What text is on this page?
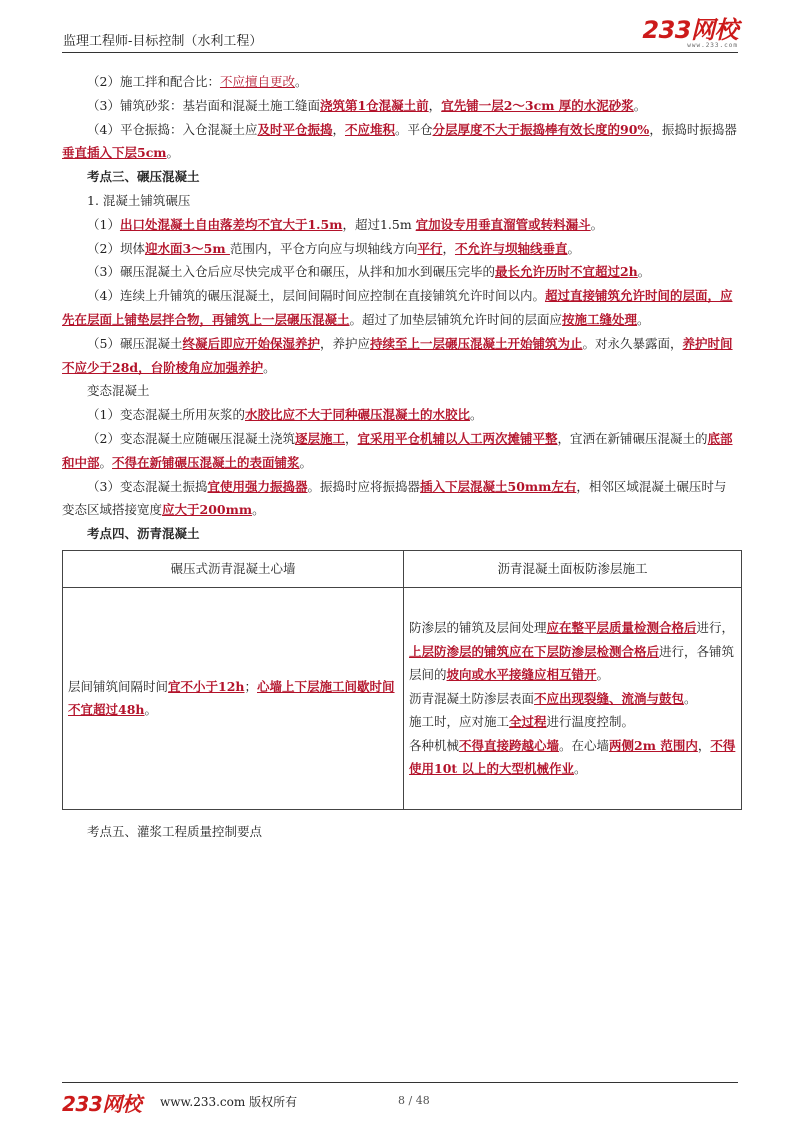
监理工程师-目标控制（水利工程）	233网校
www.233.com

（2）施工拌和配合比：不应擅自更改。

（3）铺筑砂浆：基岩面和混凝土施工缝面浇筑第1仓混凝土前，宜先铺一层2～3cm 厚的水泥砂浆。

（4）平仓振捣：入仓混凝土应及时平仓振捣，不应堆积。平仓分层厚度不大于振捣棒有效长度的90%，振捣时振捣器垂直插入下层5cm。

考点三、碾压混凝土

1. 混凝土铺筑碾压

（1）出口处混凝土自由落差均不宜大于1.5m，超过1.5m 宜加设专用垂直溜管或转料漏斗。

（2）坝体迎水面3～5m 范围内，平仓方向应与坝轴线方向平行，不允许与坝轴线垂直。

（3）碾压混凝土入仓后应尽快完成平仓和碾压，从拌和加水到碾压完毕的最长允许历时不宜超过2h。

（4）连续上升铺筑的碾压混凝土，层间间隔时间应控制在直接铺筑允许时间以内。超过直接铺筑允许时间的层面，应先在层面上铺垫层拌合物，再铺筑上一层碾压混凝土。超过了加垫层铺筑允许时间的层面应按施工缝处理。

（5）碾压混凝土终凝后即应开始保湿养护，养护应持续至上一层碾压混凝土开始铺筑为止。对永久暴露面，养护时间不应少于28d，台阶棱角应加强养护。

变态混凝土

（1）变态混凝土所用灰浆的水胶比应不大于同种碾压混凝土的水胶比。

（2）变态混凝土应随碾压混凝土浇筑逐层施工，宜采用平仓机辅以人工两次摊铺平整，宜洒在新铺碾压混凝土的底部和中部。不得在新铺碾压混凝土的表面铺浆。

（3）变态混凝土振捣宜使用强力振捣器。振捣时应将振捣器插入下层混凝土50mm左右，相邻区域混凝土碾压时与变态区域搭接宽度应大于200mm。

考点四、沥青混凝土

碾压式沥青混凝土心墙	沥青混凝土面板防渗层施工
层间铺筑间隔时间宜不小于12h；心墙上下层施工间歇时间不宜超过48h。	防渗层的铺筑及层间处理应在整平层质量检测合格后进行，上层防渗层的铺筑应在下层防渗层检测合格后进行，各铺筑层间的坡向或水平接缝应相互错开。
沥青混凝土防渗层表面不应出现裂缝、流淌与鼓包。
施工时，应对施工全过程进行温度控制。
各种机械不得直接跨越心墙。在心墙两侧2m 范围内，不得使用10t 以上的大型机械作业。

考点五、灌浆工程质量控制要点

233网校 www.233.com 版权所有	8 / 48
